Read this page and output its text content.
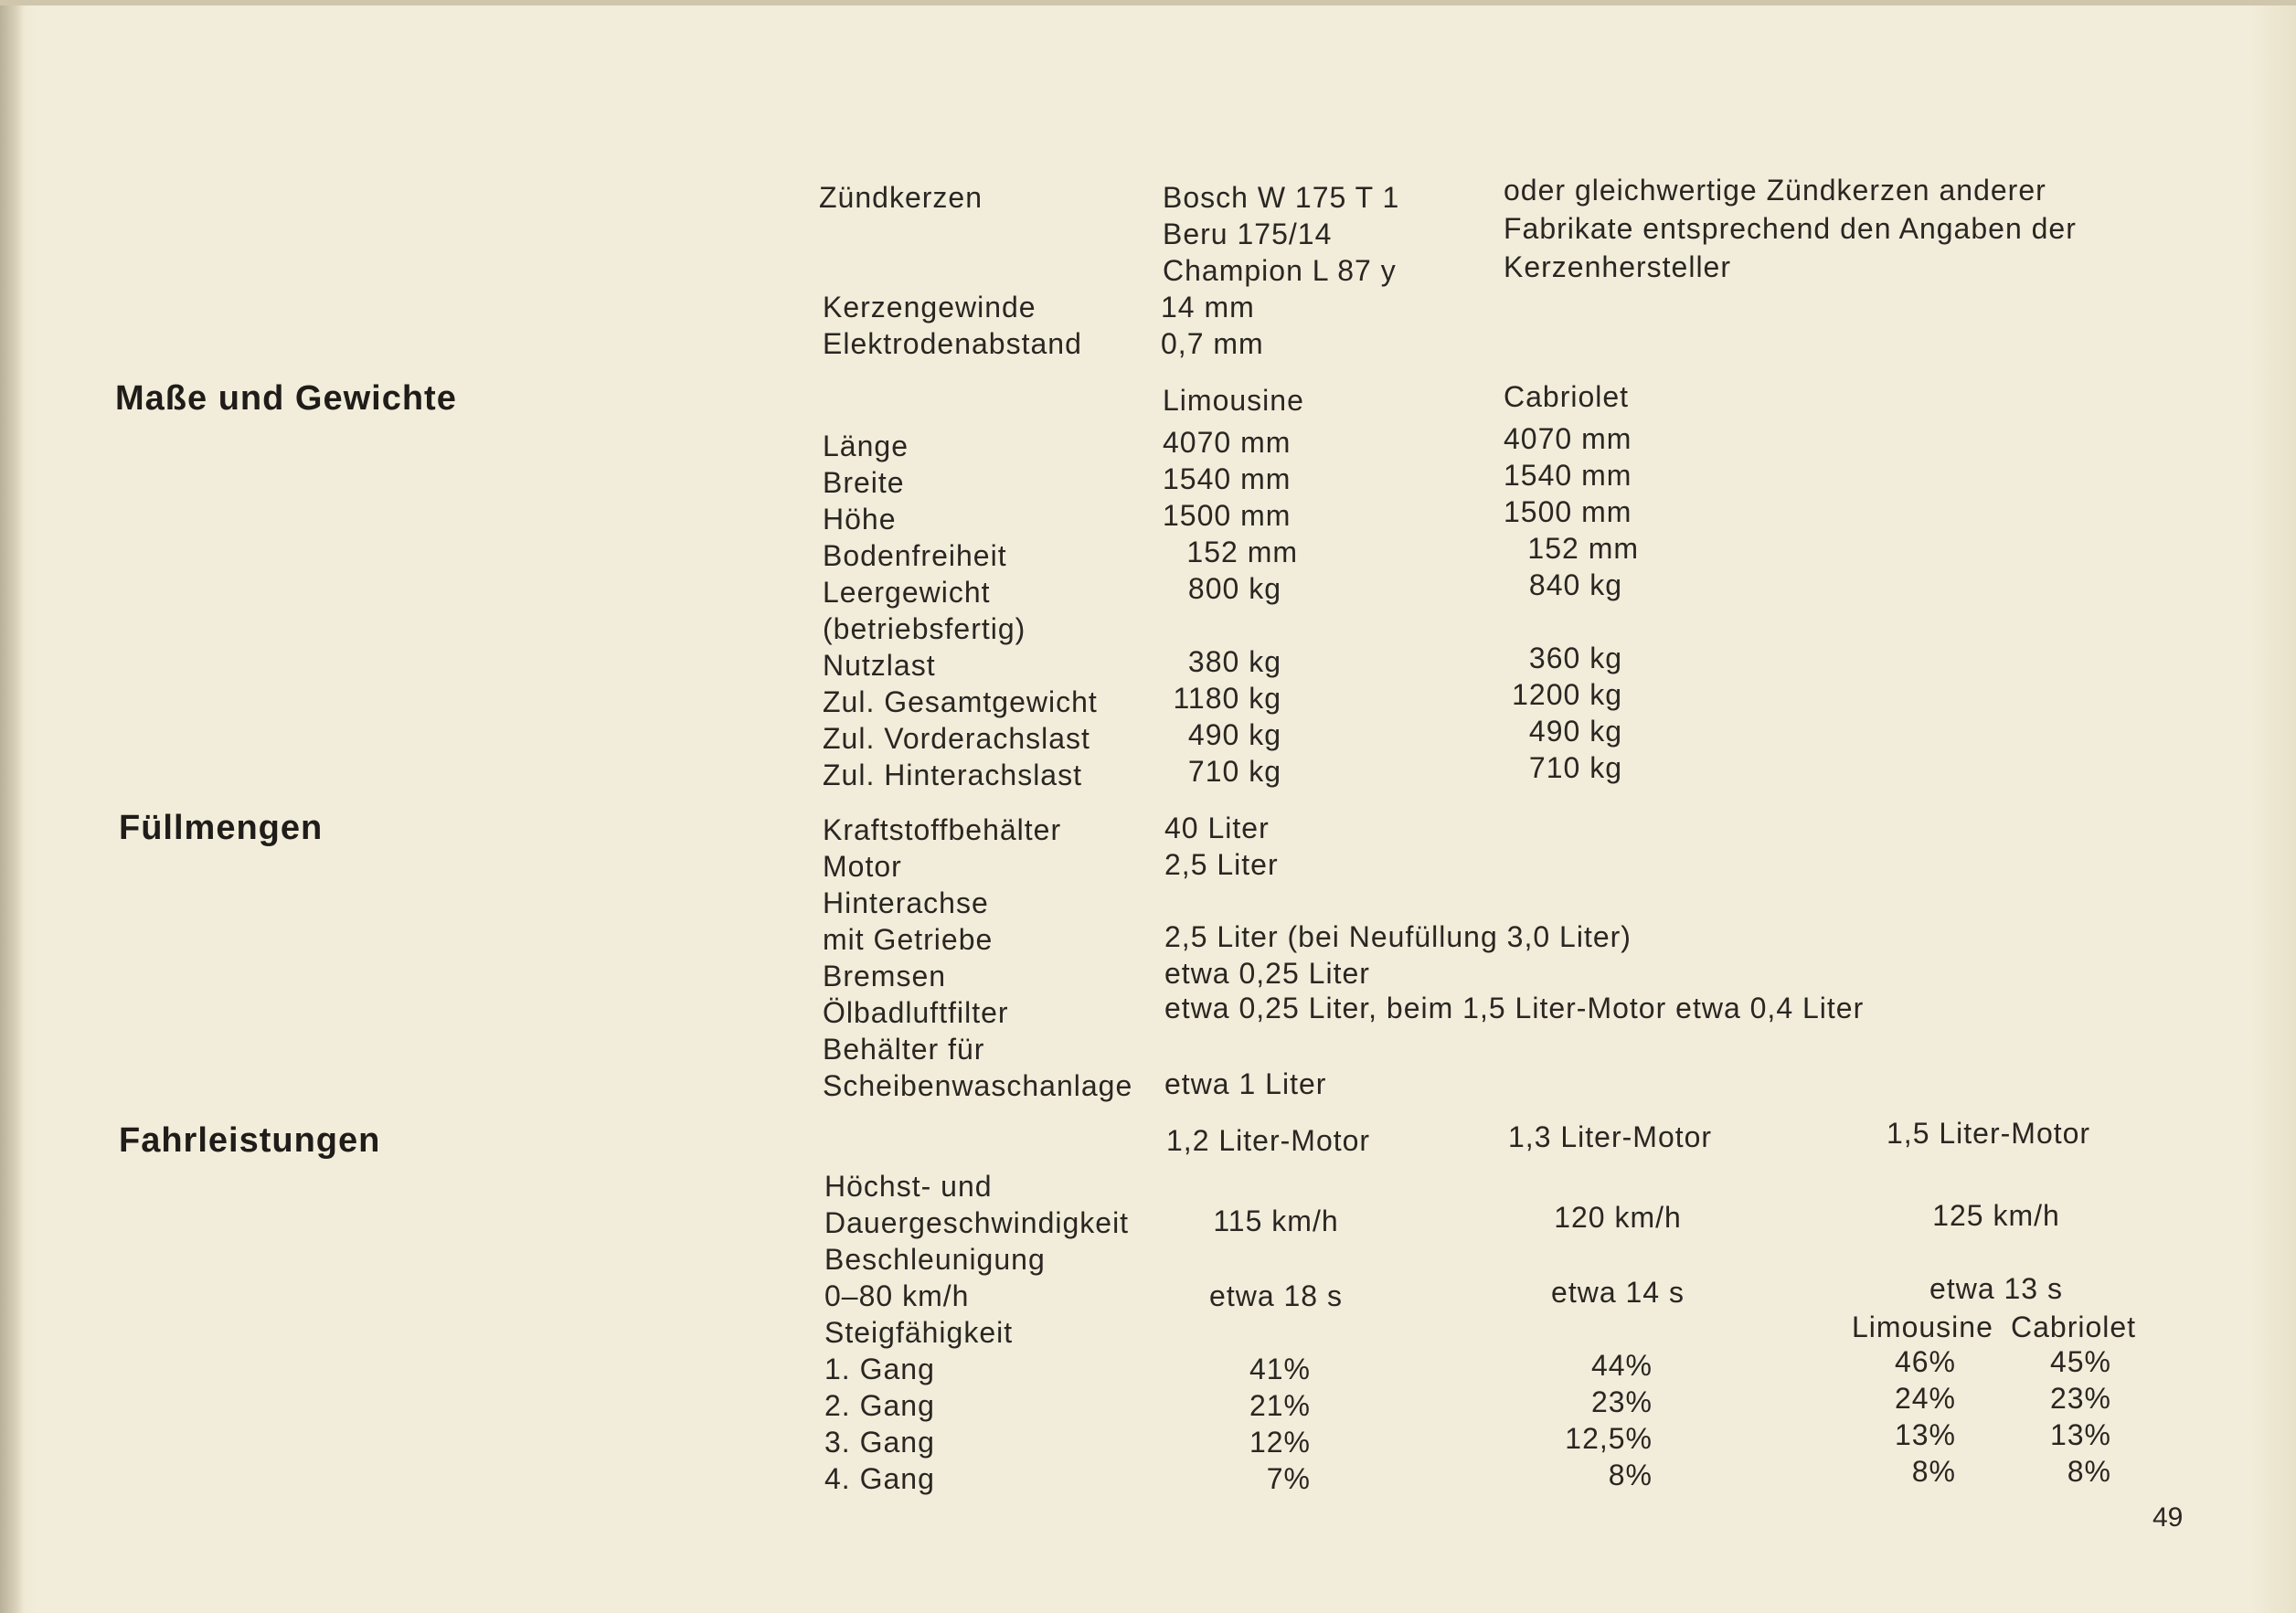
Maße und Gewichte
Füllmengen
Fahrleistungen
Zündkerzen	Bosch W 175 T 1
Beru 175/14
Champion L 87 y
oder gleichwertige Zündkerzen anderer
Fabrikate entsprechend den Angaben der
Kerzenhersteller
Kerzengewinde	14 mm
Elektrodenabstand	0,7 mm
Limousine	Cabriolet
Länge	4070 mm	4070 mm
Breite	1540 mm	1540 mm
Höhe	1500 mm	1500 mm
Bodenfreiheit	152 mm	152 mm
Leergewicht	800 kg	840 kg
(betriebsfertig)
Nutzlast	380 kg	360 kg
Zul. Gesamtgewicht	1180 kg	1200 kg
Zul. Vorderachslast	490 kg	490 kg
Zul. Hinterachslast	710 kg	710 kg
Kraftstoffbehälter	40 Liter
Motor	2,5 Liter
Hinterachse
mit Getriebe	2,5 Liter (bei Neufüllung 3,0 Liter)
Bremsen	etwa 0,25 Liter
Ölbadluftfilter	etwa 0,25 Liter, beim 1,5 Liter-Motor etwa 0,4 Liter
Behälter für
Scheibenwaschanlage etwa 1 Liter
1,2 Liter-Motor	1,3 Liter-Motor	1,5 Liter-Motor
Höchst- und
Dauergeschwindigkeit	115 km/h	120 km/h	125 km/h
Beschleunigung
0–80 km/h	etwa 18 s	etwa 14 s	etwa 13 s
Steigfähigkeit	Limousine Cabriolet
1. Gang	41%	44%	46%	45%
2. Gang	21%	23%	24%	23%
3. Gang	12%	12,5%	13%	13%
4. Gang	7%	8%	8%	8%
49
